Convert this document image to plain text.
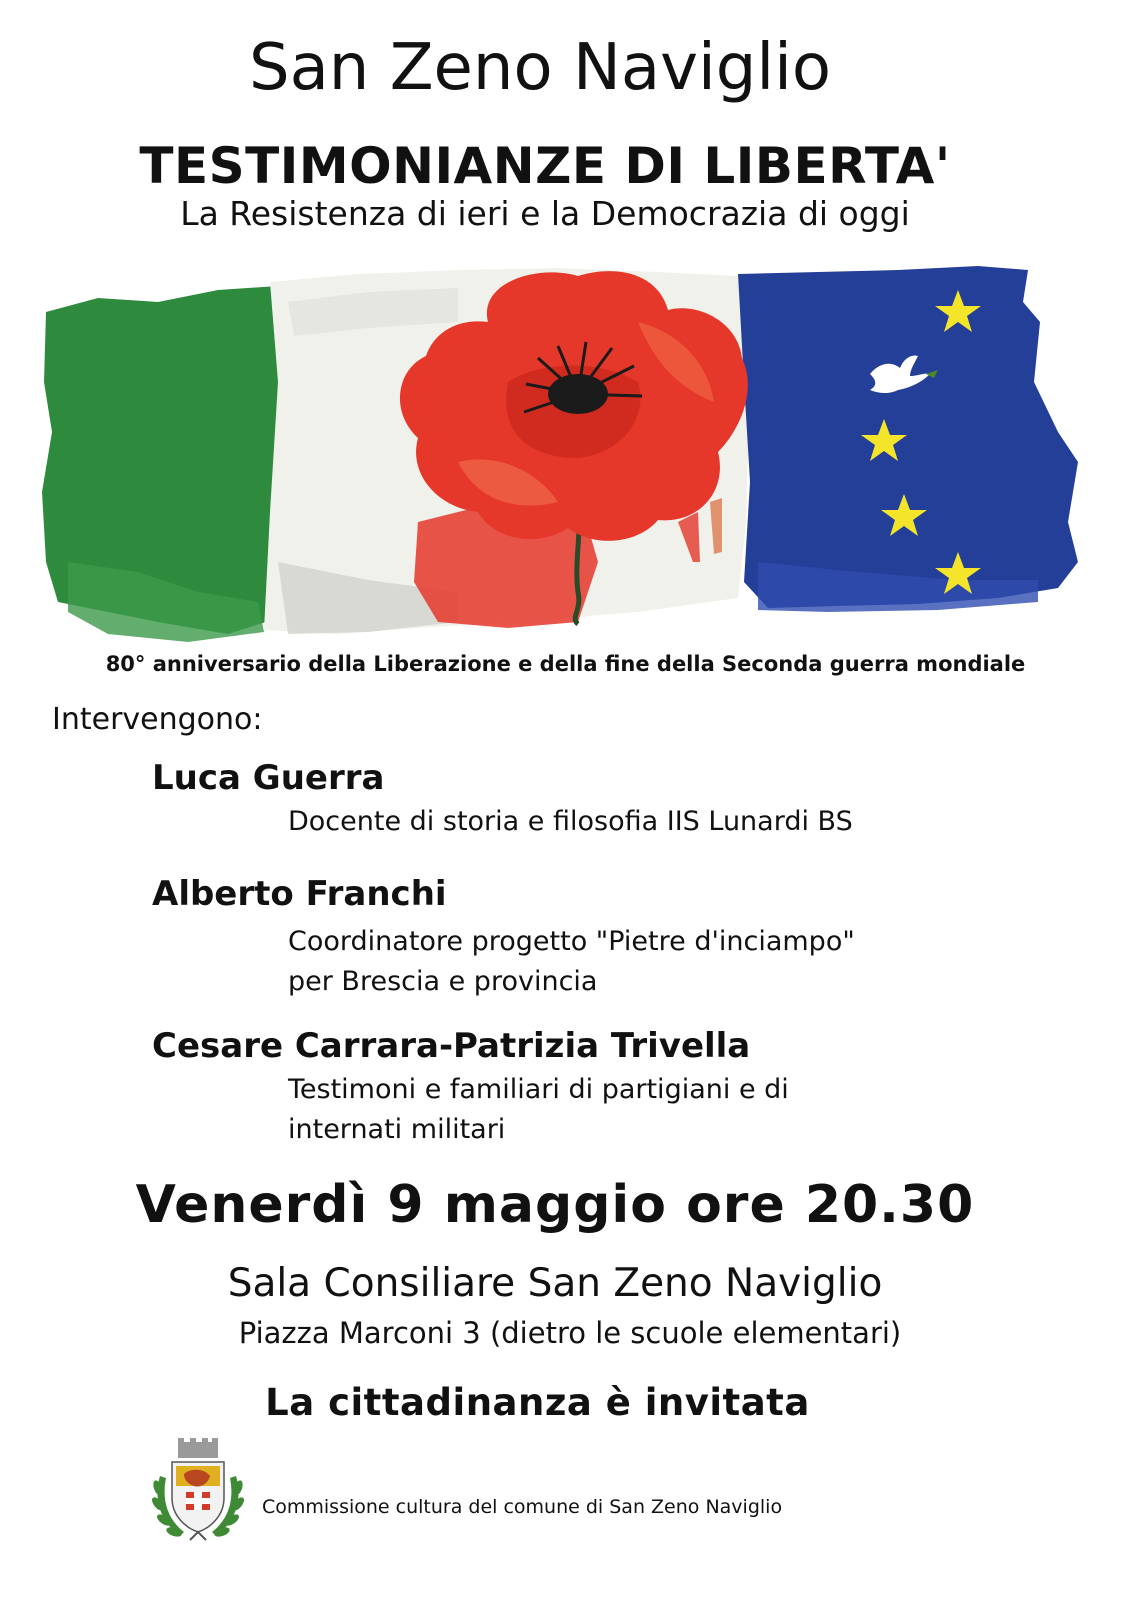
San Zeno Naviglio
TESTIMONIANZE DI LIBERTA'
La Resistenza di ieri e la Democrazia di oggi
80° anniversario della Liberazione e della fine della Seconda guerra mondiale
Intervengono:
Luca Guerra
Docente di storia e filosofia IIS Lunardi BS
Alberto Franchi
Coordinatore progetto "Pietre d'inciampo"
per Brescia e provincia
Cesare Carrara-Patrizia Trivella
Testimoni e familiari di partigiani e di
internati militari
Venerdì 9 maggio ore 20.30
Sala Consiliare San Zeno Naviglio
Piazza Marconi 3 (dietro le scuole elementari)
La cittadinanza è invitata
Commissione cultura del comune di San Zeno Naviglio
